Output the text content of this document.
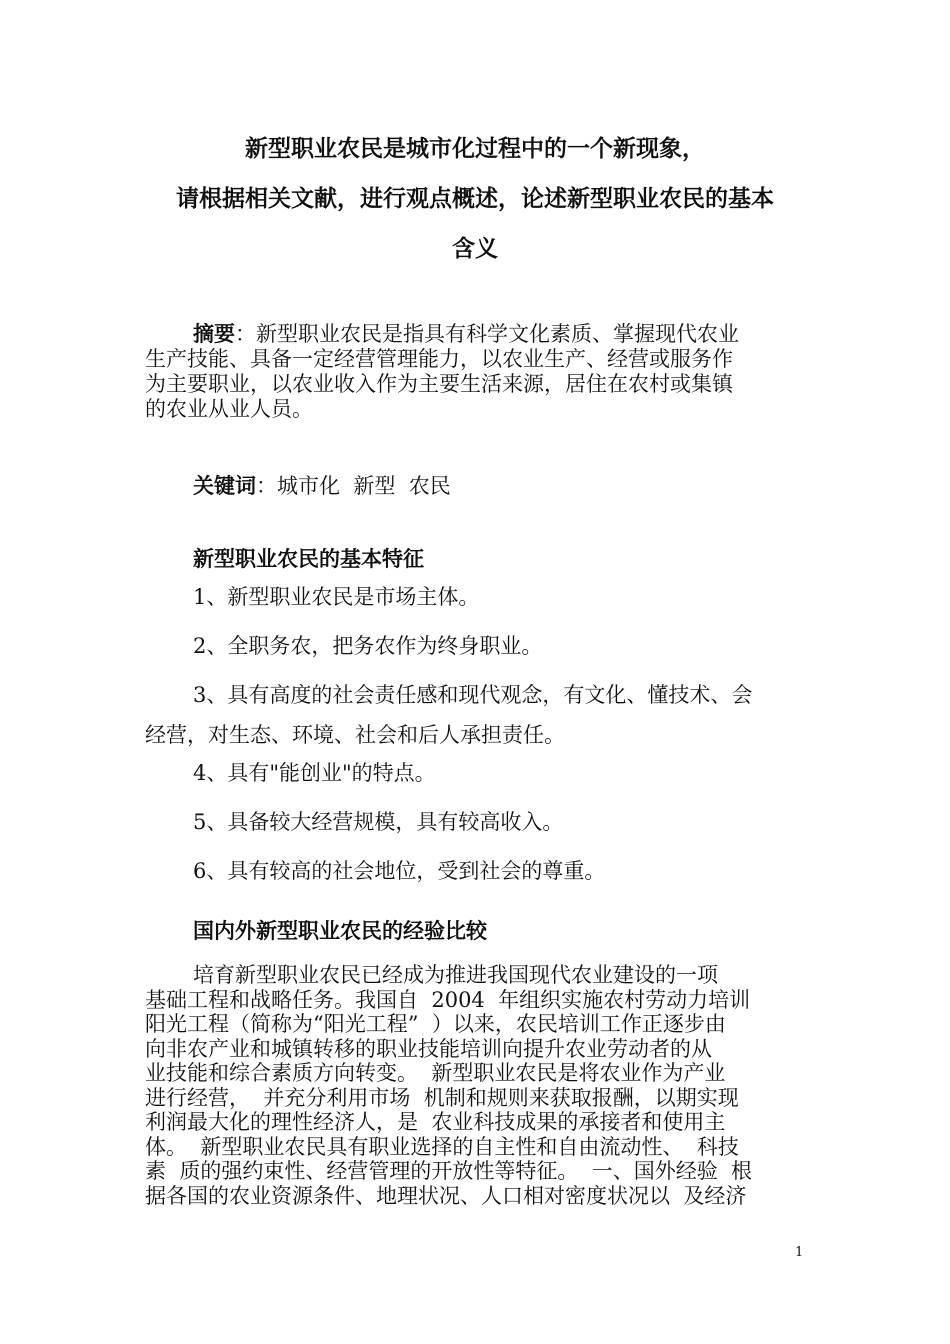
新型职业农民是城市化过程中的一个新现象，
请根据相关文献，进行观点概述，论述新型职业农民的基本
含义
摘要：新型职业农民是指具有科学文化素质、掌握现代农业
生产技能、具备一定经营管理能力，以农业生产、经营或服务作
为主要职业，以农业收入作为主要生活来源，居住在农村或集镇
的农业从业人员。
关键词：城市化  新型  农民
新型职业农民的基本特征
1、新型职业农民是市场主体。
2、全职务农，把务农作为终身职业。
3、具有高度的社会责任感和现代观念，有文化、懂技术、会
经营，对生态、环境、社会和后人承担责任。
4、具有"能创业"的特点。
5、具备较大经营规模，具有较高收入。
6、具有较高的社会地位，受到社会的尊重。
国内外新型职业农民的经验比较
培育新型职业农民已经成为推进我国现代农业建设的一项
基础工程和战略任务。我国自  2004  年组织实施农村劳动力培训
阳光工程（简称为“阳光工程”  ）以来，农民培训工作正逐步由
向非农产业和城镇转移的职业技能培训向提升农业劳动者的从
业技能和综合素质方向转变。  新型职业农民是将农业作为产业
进行经营，  并充分利用市场  机制和规则来获取报酬，以期实现
利润最大化的理性经济人，是  农业科技成果的承接者和使用主
体。  新型职业农民具有职业选择的自主性和自由流动性、  科技
素  质的强约束性、经营管理的开放性等特征。  一、国外经验  根
据各国的农业资源条件、地理状况、人口相对密度状况以  及经济
1
